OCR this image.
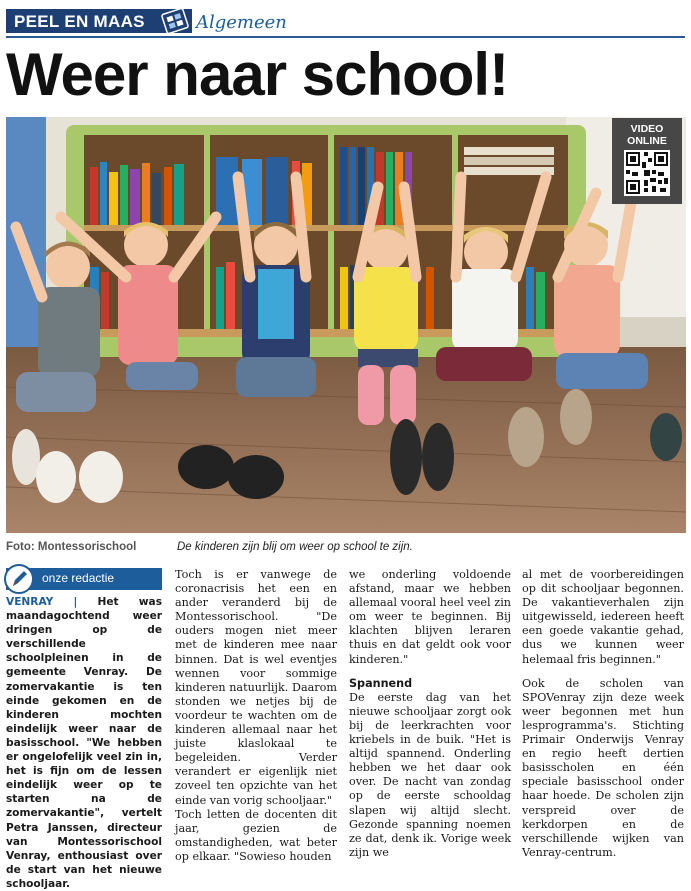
PEEL EN MAAS	Algemeen
Weer naar school!
VIDEO
ONLINE
Foto: Montessorischool	De kinderen zijn blij om weer op school te zijn.
onze redactie

VENRAY | Het was maandagochtend weer dringen op de verschillende schoolpleinen in de gemeente Venray. De zomervakantie is ten einde gekomen en de kinderen mochten eindelijk weer naar de basisschool. "We hebben er ongelofelijk veel zin in, het is fijn om de lessen eindelijk weer op te starten na de zomervakantie", vertelt Petra Janssen, directeur van Montessorischool Venray, enthousiast over de start van het nieuwe schooljaar.

Toch is er vanwege de coronacrisis het een en ander veranderd bij de Montessorischool. "De ouders mogen niet meer met de kinderen mee naar binnen. Dat is wel eventjes wennen voor sommige kinderen natuurlijk. Daarom stonden we netjes bij de voordeur te wachten om de kinderen allemaal naar het juiste klaslokaal te begeleiden. Verder verandert er eigenlijk niet zoveel ten opzichte van het einde van vorig schooljaar."

Toch letten de docenten dit jaar, gezien de omstandigheden, wat beter op elkaar. "Sowieso houden

we onderling voldoende afstand, maar we hebben allemaal vooral heel veel zin om weer te beginnen. Bij klachten blijven leraren thuis en dat geldt ook voor kinderen."

Spannend

De eerste dag van het nieuwe schooljaar zorgt ook bij de leerkrachten voor kriebels in de buik. "Het is altijd spannend. Onderling hebben we het daar ook over. De nacht van zondag op de eerste schooldag slapen wij altijd slecht. Gezonde spanning noemen ze dat, denk ik. Vorige week zijn we

al met de voorbereidingen op dit schooljaar begonnen. De vakantieverhalen zijn uitgewisseld, iedereen heeft een goede vakantie gehad, dus we kunnen weer helemaal fris beginnen."

Ook de scholen van SPOVenray zijn deze week weer begonnen met hun lesprogramma's. Stichting Primair Onderwijs Venray en regio heeft dertien basisscholen en één speciale basisschool onder haar hoede. De scholen zijn verspreid over de kerkdorpen en de verschillende wijken van Venray-centrum.
